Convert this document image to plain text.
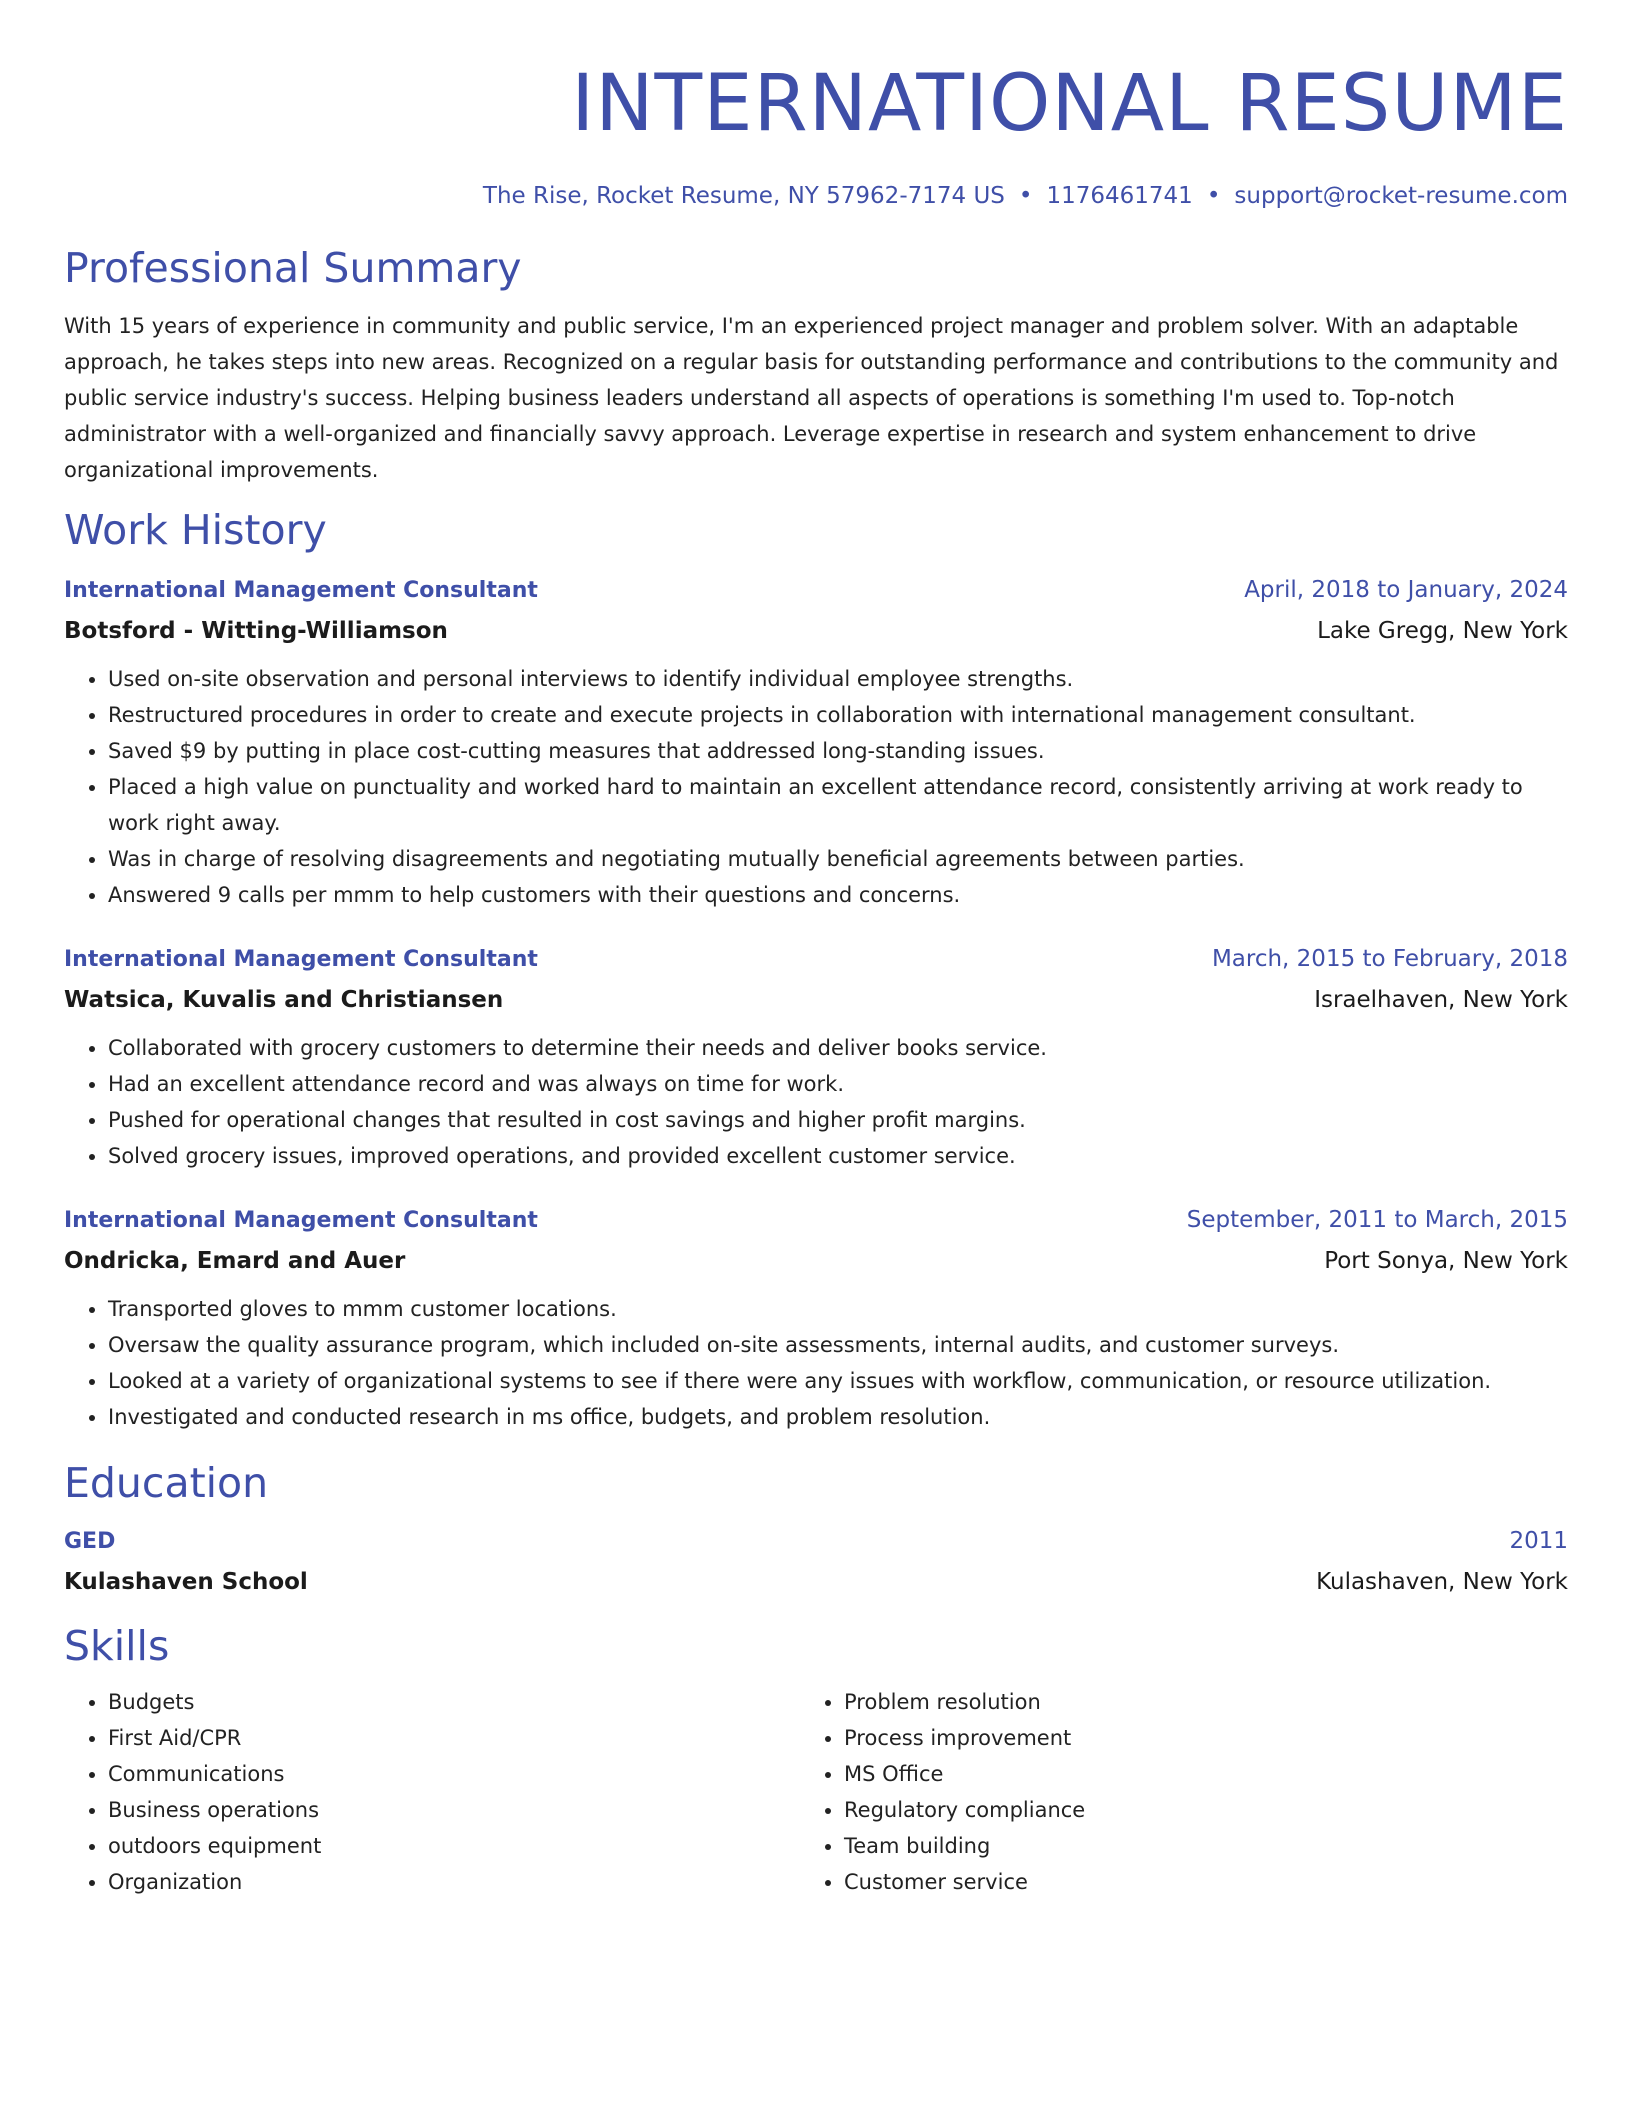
INTERNATIONAL RESUME
The Rise, Rocket Resume, NY 57962-7174 US • 1176461741 • support@rocket-resume.com
Professional Summary
With 15 years of experience in community and public service, I'm an experienced project manager and problem solver. With an adaptable approach, he takes steps into new areas. Recognized on a regular basis for outstanding performance and contributions to the community and public service industry's success. Helping business leaders understand all aspects of operations is something I'm used to. Top-notch administrator with a well-organized and financially savvy approach. Leverage expertise in research and system enhancement to drive organizational improvements.
Work History
International Management Consultant	April, 2018 to January, 2024
Botsford - Witting-Williamson	Lake Gregg, New York
• Used on-site observation and personal interviews to identify individual employee strengths.
• Restructured procedures in order to create and execute projects in collaboration with international management consultant.
• Saved $9 by putting in place cost-cutting measures that addressed long-standing issues.
• Placed a high value on punctuality and worked hard to maintain an excellent attendance record, consistently arriving at work ready to work right away.
• Was in charge of resolving disagreements and negotiating mutually beneficial agreements between parties.
• Answered 9 calls per mmm to help customers with their questions and concerns.
International Management Consultant	March, 2015 to February, 2018
Watsica, Kuvalis and Christiansen	Israelhaven, New York
• Collaborated with grocery customers to determine their needs and deliver books service.
• Had an excellent attendance record and was always on time for work.
• Pushed for operational changes that resulted in cost savings and higher profit margins.
• Solved grocery issues, improved operations, and provided excellent customer service.
International Management Consultant	September, 2011 to March, 2015
Ondricka, Emard and Auer	Port Sonya, New York
• Transported gloves to mmm customer locations.
• Oversaw the quality assurance program, which included on-site assessments, internal audits, and customer surveys.
• Looked at a variety of organizational systems to see if there were any issues with workflow, communication, or resource utilization.
• Investigated and conducted research in ms office, budgets, and problem resolution.
Education
GED	2011
Kulashaven School	Kulashaven, New York
Skills
• Budgets
• First Aid/CPR
• Communications
• Business operations
• outdoors equipment
• Organization
• Problem resolution
• Process improvement
• MS Office
• Regulatory compliance
• Team building
• Customer service
